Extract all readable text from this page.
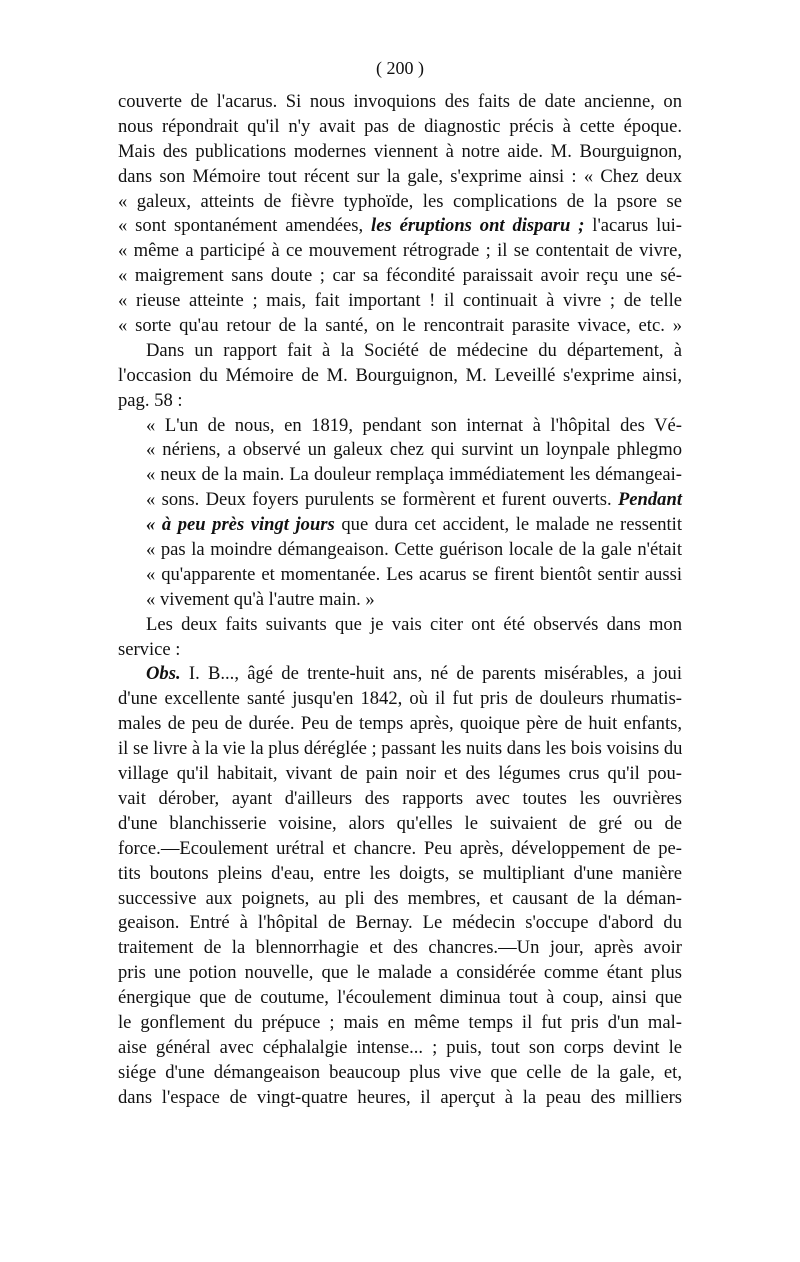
( 200 )
couverte de l'acarus. Si nous invoquions des faits de date ancienne, on
nous répondrait qu'il n'y avait pas de diagnostic précis à cette époque.
Mais des publications modernes viennent à notre aide. M. Bourguignon,
dans son Mémoire tout récent sur la gale, s'exprime ainsi : « Chez deux
« galeux, atteints de fièvre typhoïde, les complications de la psore se
« sont spontanément amendées, les éruptions ont disparu ; l'acarus lui-
« même a participé à ce mouvement rétrograde ; il se contentait de vivre,
« maigrement sans doute ; car sa fécondité paraissait avoir reçu une sé-
« rieuse atteinte ; mais, fait important ! il continuait à vivre ; de telle
« sorte qu'au retour de la santé, on le rencontrait parasite vivace, etc. »
Dans un rapport fait à la Société de médecine du département, à
l'occasion du Mémoire de M. Bourguignon, M. Leveillé s'exprime ainsi,
pag. 58 :
« L'un de nous, en 1819, pendant son internat à l'hôpital des Vé-
« nériens, a observé un galeux chez qui survint un loynpale phlegmo
« neux de la main. La douleur remplaça immédiatement les démangeai-
« sons. Deux foyers purulents se formèrent et furent ouverts. Pendant
« à peu près vingt jours que dura cet accident, le malade ne ressentit
« pas la moindre démangeaison. Cette guérison locale de la gale n'était
« qu'apparente et momentanée. Les acarus se firent bientôt sentir aussi
« vivement qu'à l'autre main. »
Les deux faits suivants que je vais citer ont été observés dans mon
service :
Obs. I. B..., âgé de trente-huit ans, né de parents misérables, a joui
d'une excellente santé jusqu'en 1842, où il fut pris de douleurs rhumatis-
males de peu de durée. Peu de temps après, quoique père de huit enfants,
il se livre à la vie la plus déréglée ; passant les nuits dans les bois voisins du
village qu'il habitait, vivant de pain noir et des légumes crus qu'il pou-
vait dérober, ayant d'ailleurs des rapports avec toutes les ouvrières
d'une blanchisserie voisine, alors qu'elles le suivaient de gré ou de
force.—Ecoulement urétral et chancre. Peu après, développement de pe-
tits boutons pleins d'eau, entre les doigts, se multipliant d'une manière
successive aux poignets, au pli des membres, et causant de la déman-
geaison. Entré à l'hôpital de Bernay. Le médecin s'occupe d'abord du
traitement de la blennorrhagie et des chancres.—Un jour, après avoir
pris une potion nouvelle, que le malade a considérée comme étant plus
énergique que de coutume, l'écoulement diminua tout à coup, ainsi que
le gonflement du prépuce ; mais en même temps il fut pris d'un mal-
aise général avec céphalalgie intense... ; puis, tout son corps devint le
siége d'une démangeaison beaucoup plus vive que celle de la gale, et,
dans l'espace de vingt-quatre heures, il aperçut à la peau des milliers
